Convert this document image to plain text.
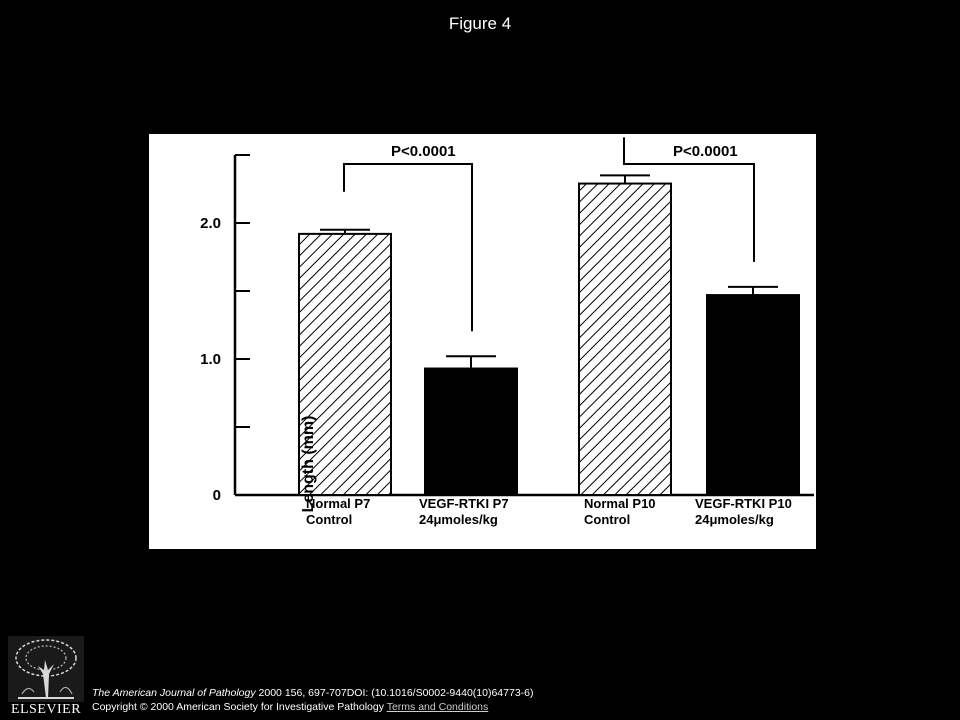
Figure 4
0
1.0
2.0
P<0.0001	P<0.0001
Length (mm)
Normal P7
Control
VEGF-RTKI P7
24μmoles/kg
Normal P10
Control
VEGF-RTKI P10
24μmoles/kg
ELSEVIER
The American Journal of Pathology 2000 156, 697-707DOI: (10.1016/S0002-9440(10)64773-6)
Copyright © 2000 American Society for Investigative Pathology Terms and Conditions
